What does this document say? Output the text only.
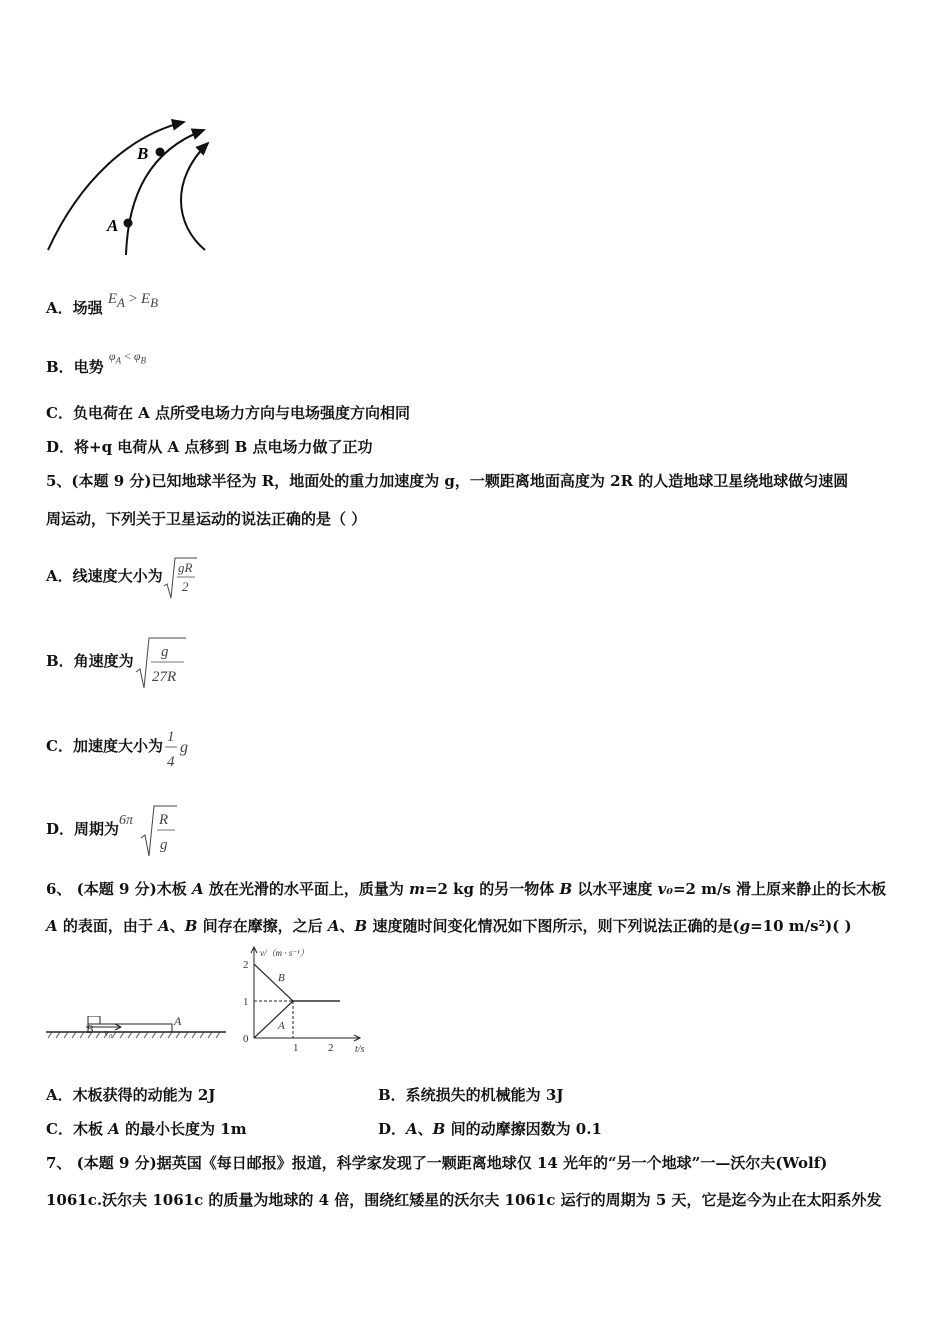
B
A
A．场强 $E_A > E_B$
B．电势 $^{\varphi_A < \varphi_B}$
C．负电荷在 A 点所受电场力方向与电场强度方向相同
D．将+q 电荷从 A 点移到 B 点电场力做了正功
5、(本题 9 分)已知地球半径为 R，地面处的重力加速度为 g，一颗距离地面高度为 2R 的人造地球卫星绕地球做匀速圆
周运动，下列关于卫星运动的说法正确的是（ ）
A．线速度大小为 gR
2
B．角速度为
g
27R
C．加速度大小为
1
4
g
D．周期为 6π R
g
6、 (本题 9 分)木板 A 放在光滑的水平面上，质量为 m=2 kg 的另一物体 B 以水平速度 v₀=2 m/s 滑上原来静止的长木板
A 的表面，由于 A、B 间存在摩擦，之后 A、B 速度随时间变化情况如下图所示，则下列说法正确的是(g=10 m/s²)( )
B v₀
A
v/（m · s⁻¹）
t/s
0
1
2
1	2
B
A
A．木板获得的动能为 2J	B．系统损失的机械能为 3J
C．木板 A 的最小长度为 1m	D．A、B 间的动摩擦因数为 0.1
7、 (本题 9 分)据英国《每日邮报》报道，科学家发现了一颗距离地球仅 14 光年的“另一个地球”一—沃尔夫(Wolf)
1061c.沃尔夫 1061c 的质量为地球的 4 倍，围绕红矮星的沃尔夫 1061c 运行的周期为 5 天，它是迄今为止在太阳系外发
